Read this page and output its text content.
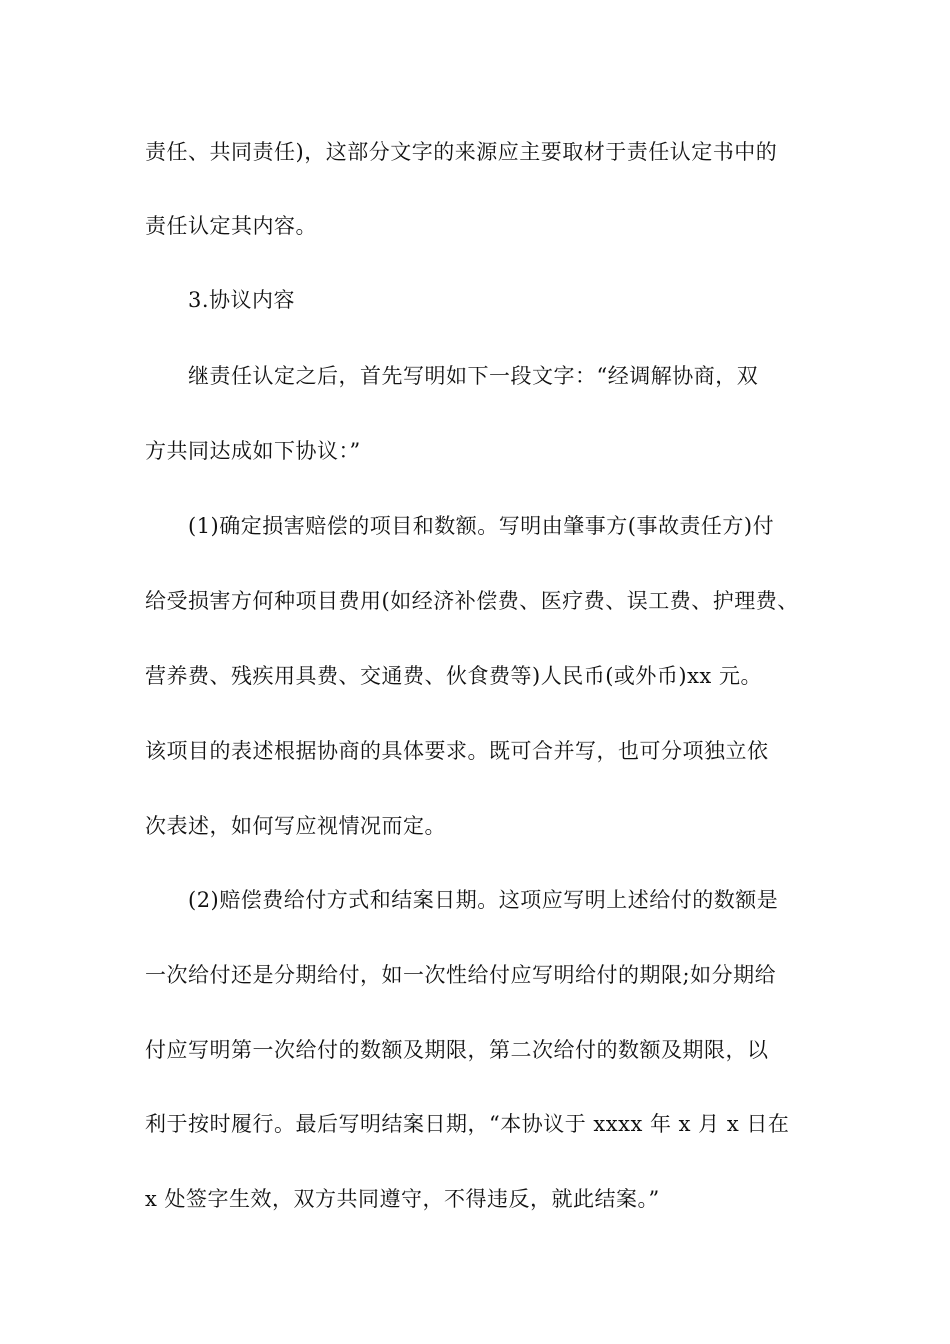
责任、共同责任)，这部分文字的来源应主要取材于责任认定书中的
责任认定其内容。
3.协议内容
继责任认定之后，首先写明如下一段文字：“经调解协商，双
方共同达成如下协议：”
(1)确定损害赔偿的项目和数额。写明由肇事方(事故责任方)付
给受损害方何种项目费用(如经济补偿费、医疗费、误工费、护理费、
营养费、残疾用具费、交通费、伙食费等)人民币(或外币)xx 元。
该项目的表述根据协商的具体要求。既可合并写，也可分项独立依
次表述，如何写应视情况而定。
(2)赔偿费给付方式和结案日期。这项应写明上述给付的数额是
一次给付还是分期给付，如一次性给付应写明给付的期限;如分期给
付应写明第一次给付的数额及期限，第二次给付的数额及期限，以
利于按时履行。最后写明结案日期，“本协议于 xxxx 年 x 月 x 日在
x 处签字生效，双方共同遵守，不得违反，就此结案。”
